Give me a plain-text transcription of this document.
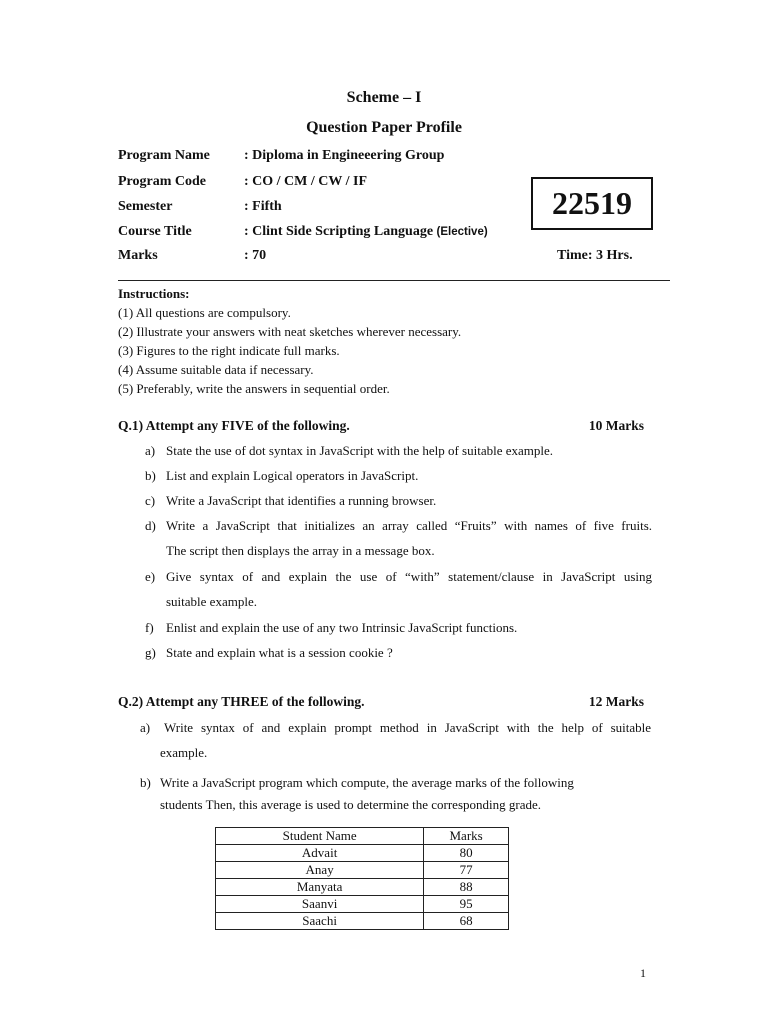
Scheme – I
Question Paper Profile
Program Name : Diploma in Engineeering Group
Program Code	: CO / CM / CW / IF
Semester	: Fifth
Course Title	: Clint Side Scripting Language (Elective)
Marks	: 70	Time: 3 Hrs.
22519
Instructions:
(1) All questions are compulsory.
(2) Illustrate your answers with neat sketches wherever necessary.
(3) Figures to the right indicate full marks.
(4) Assume suitable data if necessary.
(5) Preferably, write the answers in sequential order.
Q.1) Attempt any FIVE of the following.	10 Marks
a) State the use of dot syntax in JavaScript with the help of suitable example.
b) List and explain Logical operators in JavaScript.
c) Write a JavaScript that identifies a running browser.
d) Write a JavaScript that initializes an array called “Fruits” with names of five fruits.
The script then displays the array in a message box.
e) Give syntax of and explain the use of “with” statement/clause in JavaScript using
suitable example.
f) Enlist and explain the use of any two Intrinsic JavaScript functions.
g) State and explain what is a session cookie ?
Q.2) Attempt any THREE of the following.	12 Marks
a) Write syntax of and explain prompt method in JavaScript with the help of suitable
example.
b) Write a JavaScript program which compute, the average marks of the following
students Then, this average is used to determine the corresponding grade.
Student Name	Marks
Advait	80
Anay	77
Manyata	88
Saanvi	95
Saachi	68
1
